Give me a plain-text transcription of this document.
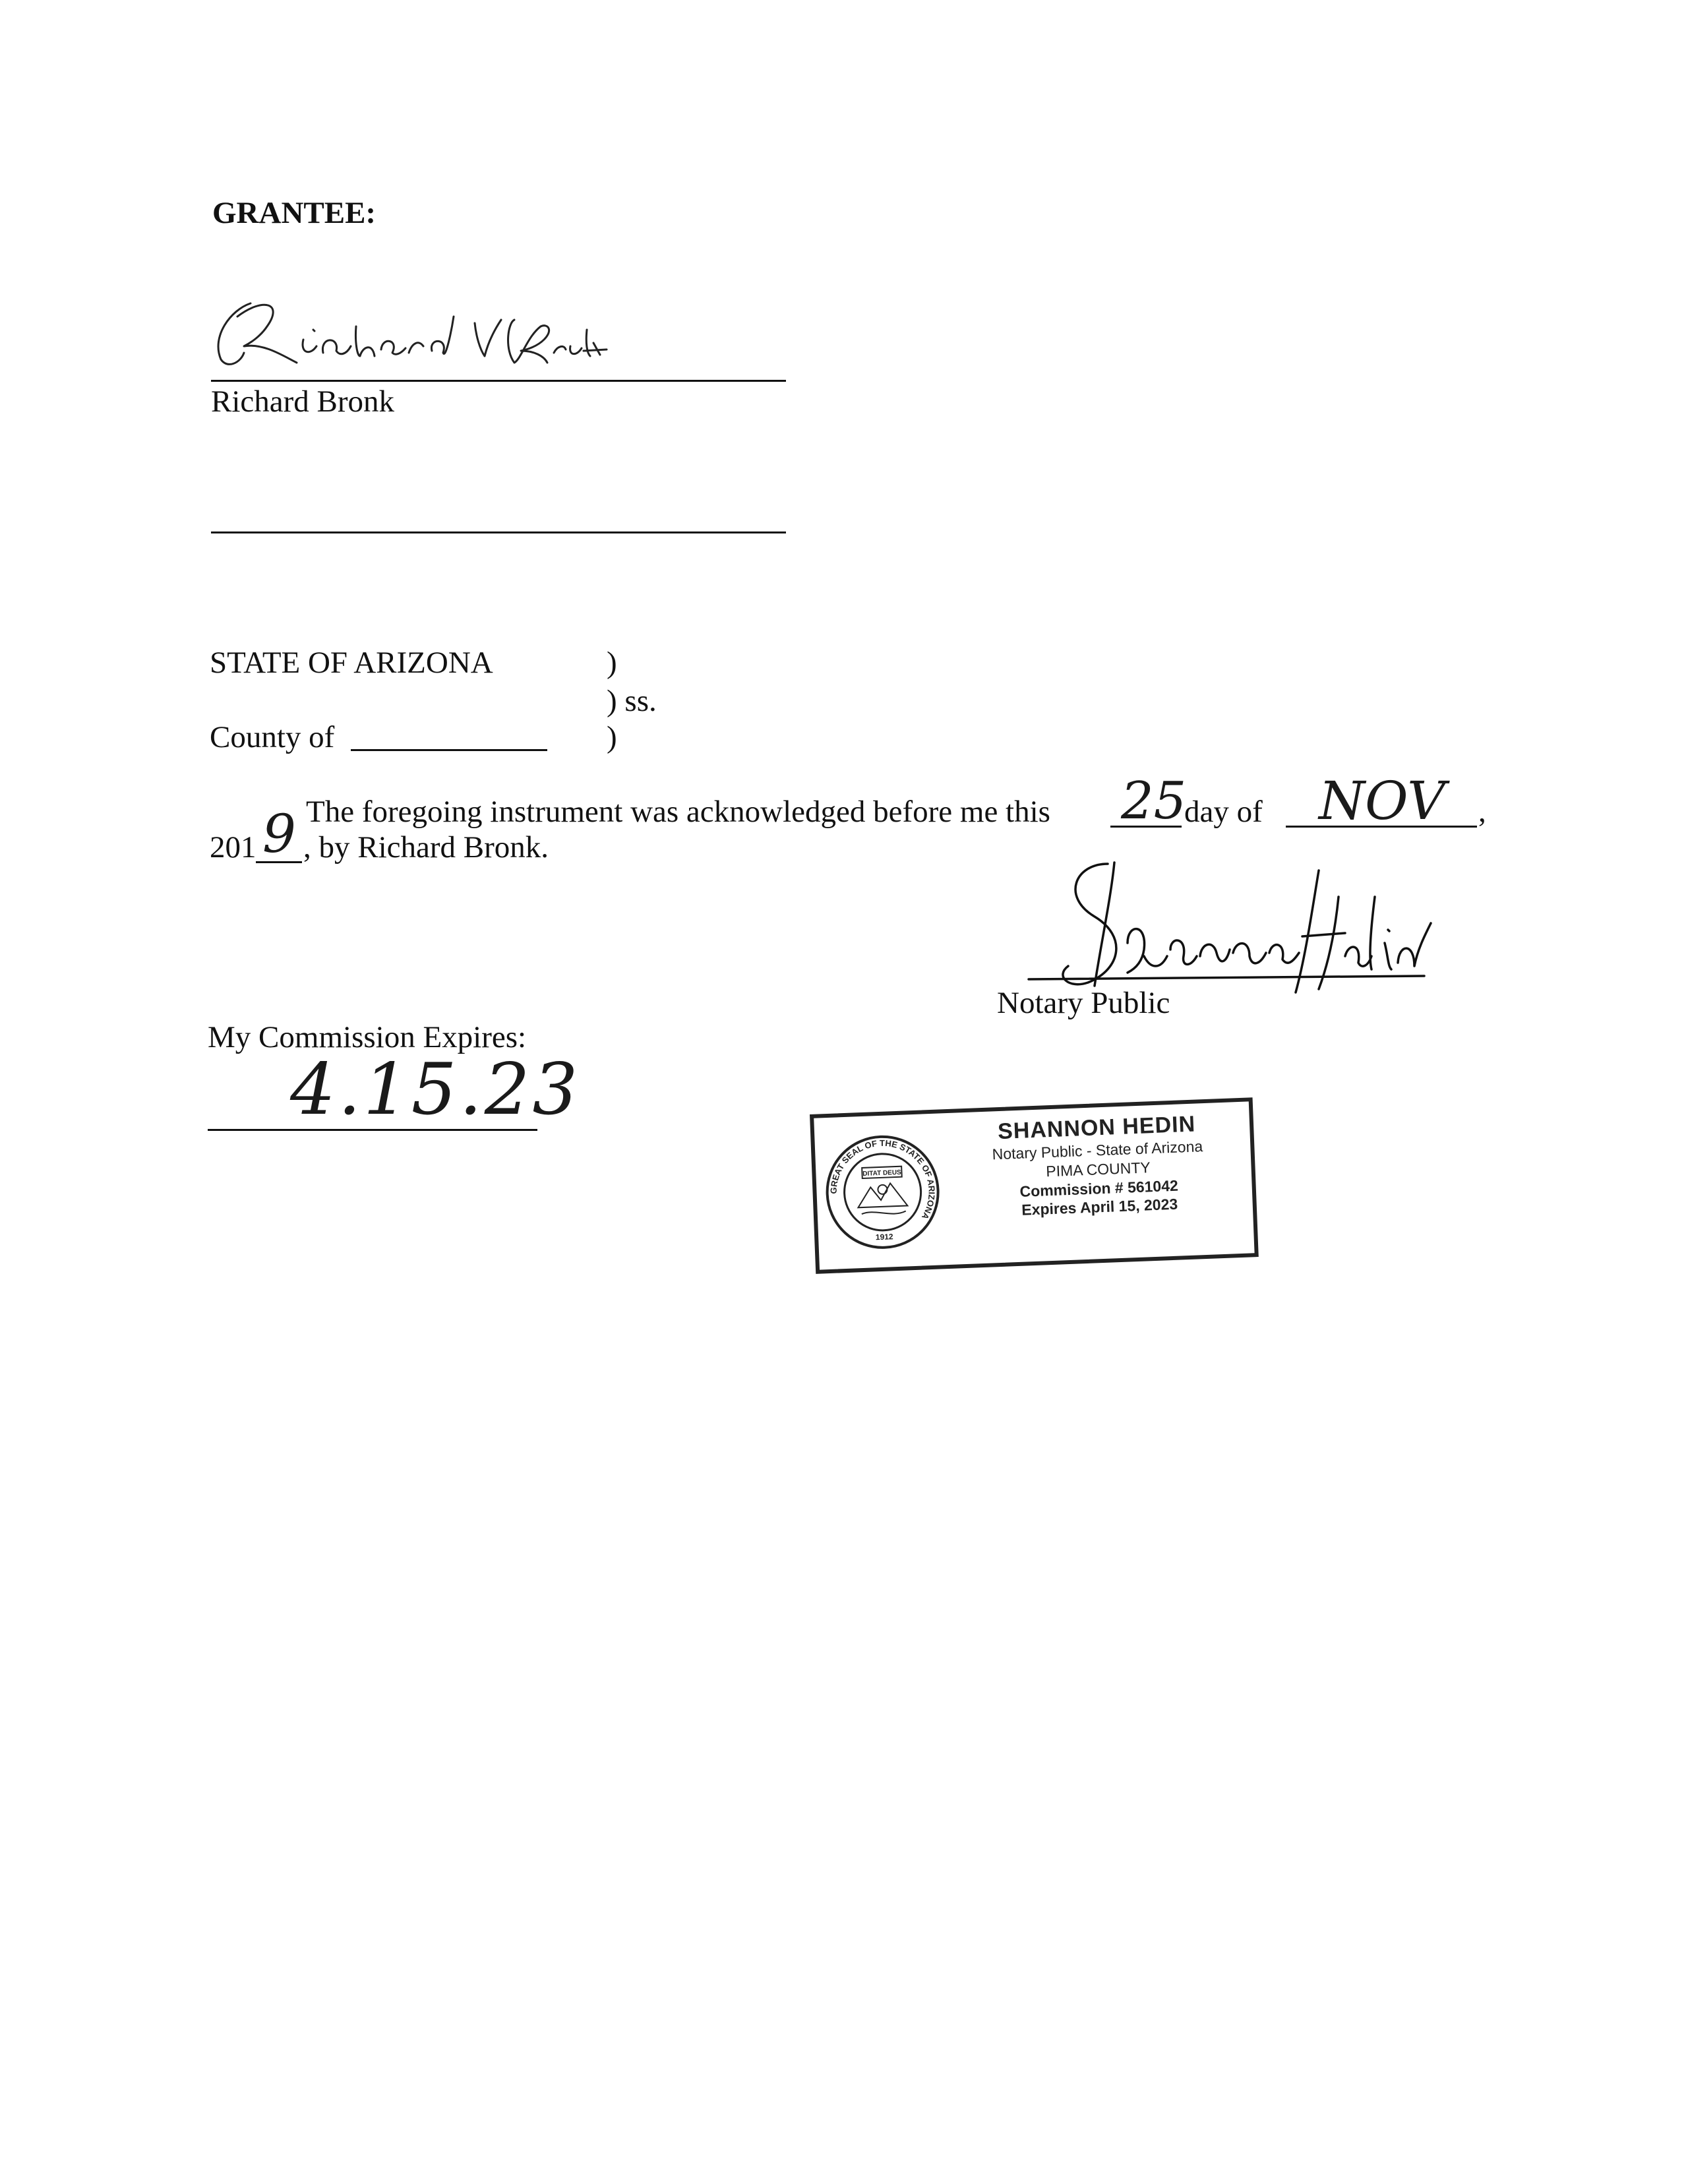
GRANTEE:
Richard Bronk
STATE OF ARIZONA	)
) ss.
County of	)
The foregoing instrument was acknowledged before me this 25
day of NOV ,
201 9 , by Richard Bronk.
Notary Public
My Commission Expires:
4.15.23
GREAT SEAL OF THE STATE OF ARIZONA
1912
DITAT DEUS
SHANNON HEDIN
Notary Public - State of Arizona
PIMA COUNTY
Commission # 561042
Expires April 15, 2023
